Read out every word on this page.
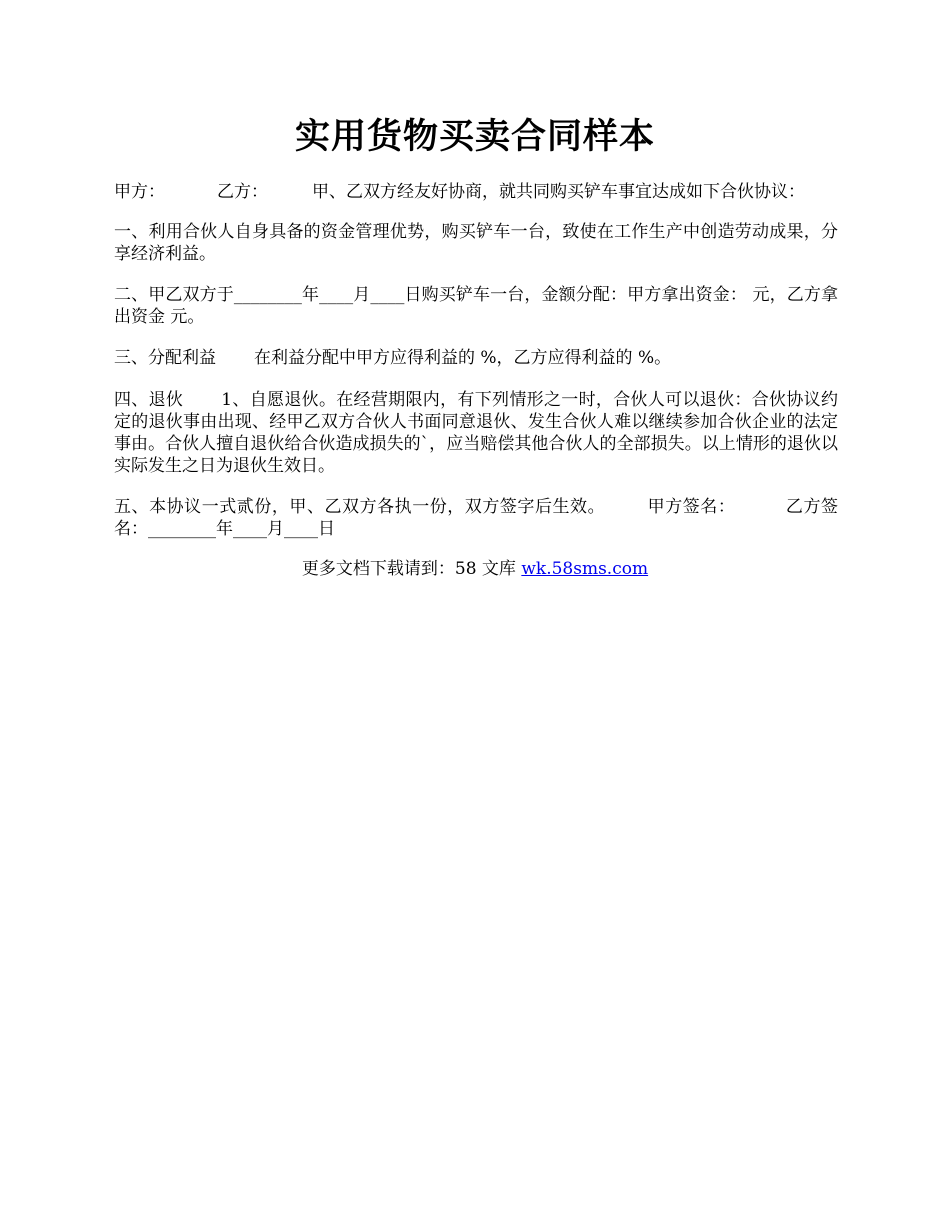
实用货物买卖合同样本
甲方：	乙方：	甲、乙双方经友好协商，就共同购买铲车事宜达成如下合伙协议：
一、利用合伙人自身具备的资金管理优势，购买铲车一台，致使在工作生产中创造劳动成果，分享经济利益。
二、甲乙双方于________年____月____日购买铲车一台，金额分配：甲方拿出资金： 元，乙方拿出资金 元。
三、分配利益 在利益分配中甲方应得利益的 %，乙方应得利益的 %。
四、退伙 1、自愿退伙。在经营期限内，有下列情形之一时，合伙人可以退伙：合伙协议约定的退伙事由出现、经甲乙双方合伙人书面同意退伙、发生合伙人难以继续参加合伙企业的法定事由。合伙人擅自退伙给合伙造成损失的`，应当赔偿其他合伙人的全部损失。以上情形的退伙以实际发生之日为退伙生效日。
五、本协议一式贰份，甲、乙双方各执一份，双方签字后生效。 甲方签名：	乙方签名：________年____月____日
更多文档下载请到：58 文库 wk.58sms.com
